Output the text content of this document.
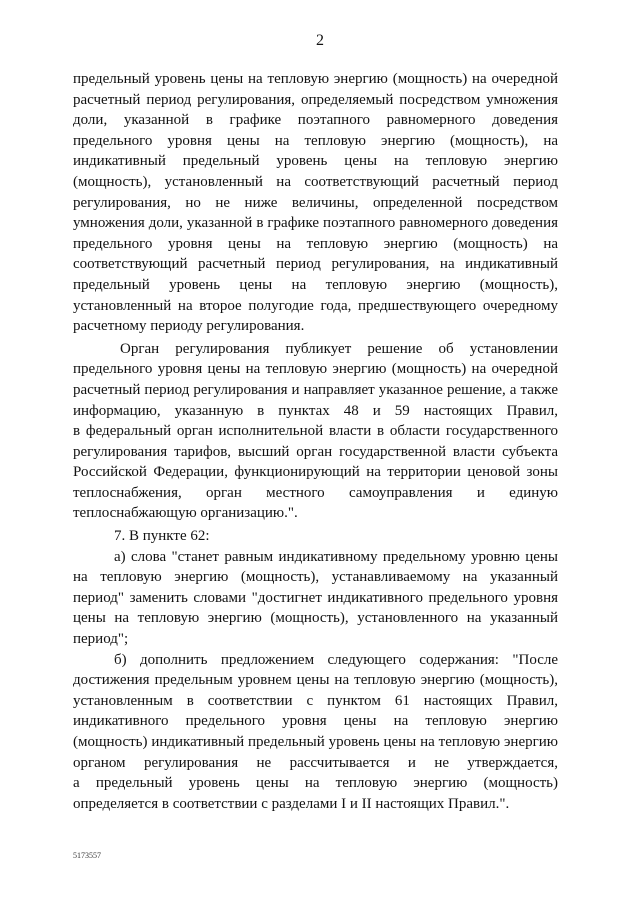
2
предельный уровень цены на тепловую энергию (мощность) на очередной
расчетный период регулирования, определяемый посредством умножения
доли, указанной в графике поэтапного равномерного доведения
предельного уровня цены на тепловую энергию (мощность), на
индикативный предельный уровень цены на тепловую энергию
(мощность), установленный на соответствующий расчетный период
регулирования, но не ниже величины, определенной посредством
умножения доли, указанной в графике поэтапного равномерного доведения
предельного уровня цены на тепловую энергию (мощность) на
соответствующий расчетный период регулирования, на индикативный
предельный уровень цены на тепловую энергию (мощность),
установленный на второе полугодие года, предшествующего очередному
расчетному периоду регулирования.
Орган регулирования публикует решение об установлении
предельного уровня цены на тепловую энергию (мощность) на очередной
расчетный период регулирования и направляет указанное решение, а также
информацию, указанную в пунктах 48 и 59 настоящих Правил,
в федеральный орган исполнительной власти в области государственного
регулирования тарифов, высший орган государственной власти субъекта
Российской Федерации, функционирующий на территории ценовой зоны
теплоснабжения, орган местного самоуправления и единую
теплоснабжающую организацию.".
7. В пункте 62:
а) слова "станет равным индикативному предельному уровню цены
на тепловую энергию (мощность), устанавливаемому на указанный
период" заменить словами "достигнет индикативного предельного уровня
цены на тепловую энергию (мощность), установленного на указанный
период";
б) дополнить предложением следующего содержания: "После
достижения предельным уровнем цены на тепловую энергию (мощность),
установленным в соответствии с пунктом 61 настоящих Правил,
индикативного предельного уровня цены на тепловую энергию
(мощность) индикативный предельный уровень цены на тепловую энергию
органом регулирования не рассчитывается и не утверждается,
а предельный уровень цены на тепловую энергию (мощность)
определяется в соответствии с разделами I и II настоящих Правил.".
5173557
